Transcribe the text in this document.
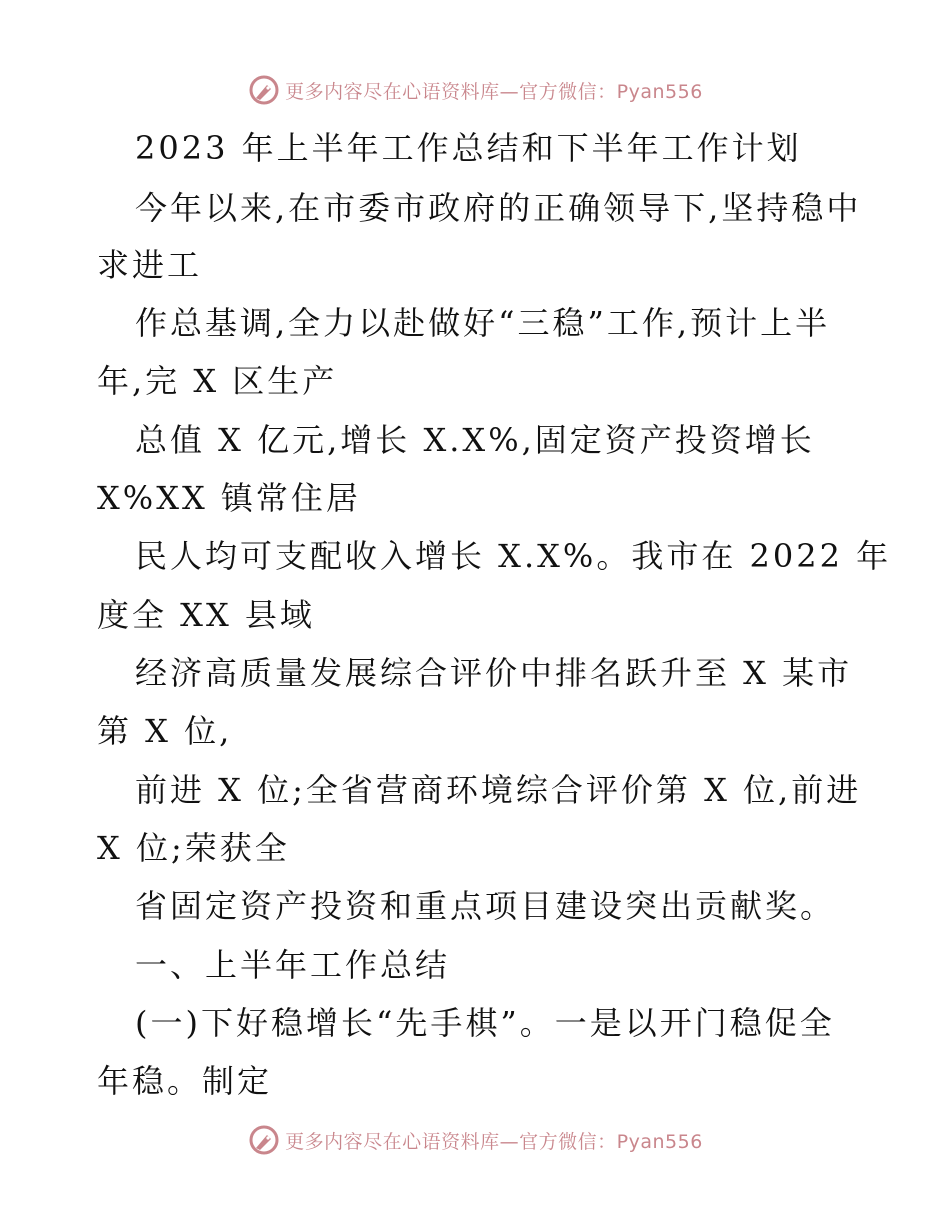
更多内容尽在心语资料库—官方微信：Pyan556
2023 年上半年工作总结和下半年工作计划
今年以来,在市委市政府的正确领导下,坚持稳中
求进工
作总基调,全力以赴做好“三稳”工作,预计上半
年,完 X 区生产
总值 X 亿元,增长 X.X%,固定资产投资增长
X%XX 镇常住居
民人均可支配收入增长 X.X%。我市在 2022 年
度全 XX 县域
经济高质量发展综合评价中排名跃升至 X 某市
第 X 位,
前进 X 位;全省营商环境综合评价第 X 位,前进
X 位;荣获全
省固定资产投资和重点项目建设突出贡献奖。
一、上半年工作总结
(一)下好稳增长“先手棋”。一是以开门稳促全
年稳。制定
更多内容尽在心语资料库—官方微信：Pyan556
